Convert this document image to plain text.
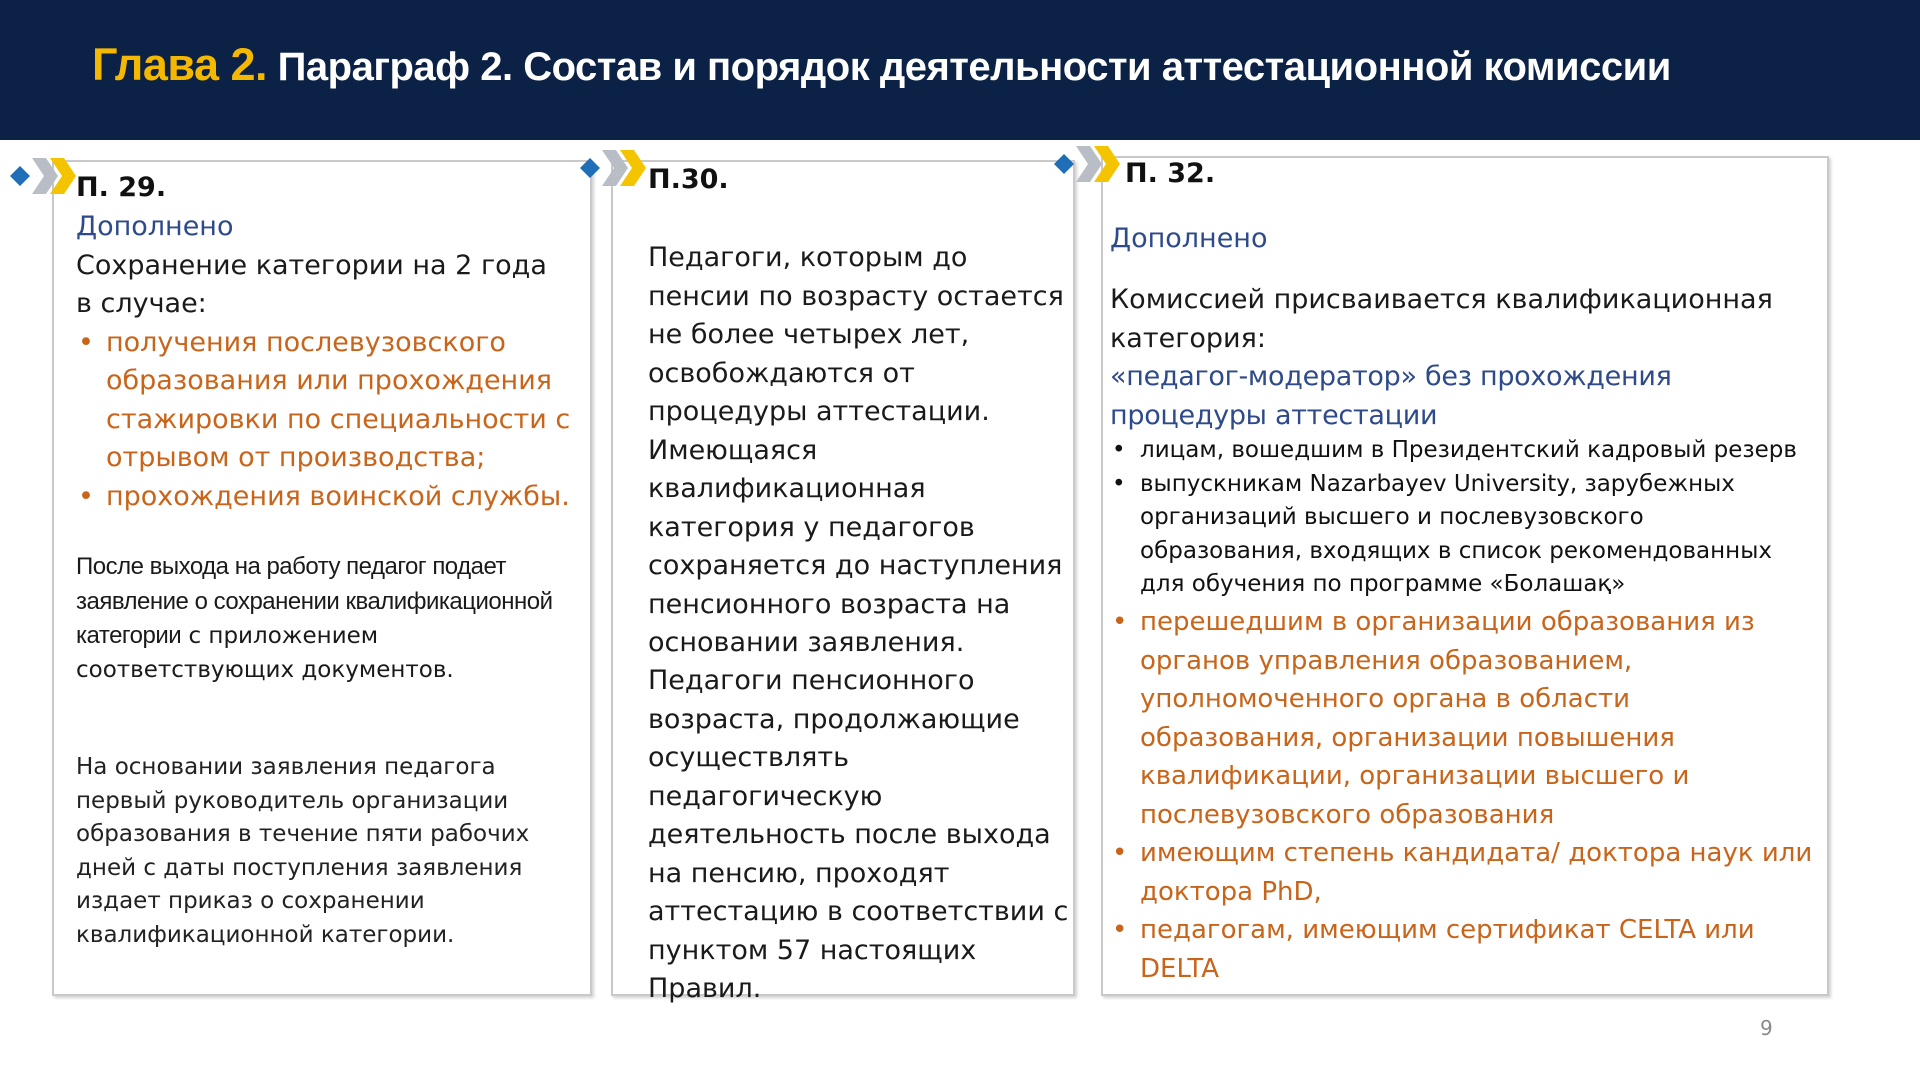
Глава 2. Параграф 2. Состав и порядок деятельности аттестационной комиссии
П. 29.
Дополнено
Сохранение категории на 2 года
в случае:
• получения послевузовского образования или прохождения стажировки по специальности с отрывом от производства;
• прохождения воинской службы.
После выхода на работу педагог подает заявление о сохранении квалификационной категории с приложением соответствующих документов.
На основании заявления педагога первый руководитель организации образования в течение пяти рабочих дней с даты поступления заявления издает приказ о сохранении квалификационной категории.
П.30.
Педагоги, которым до пенсии по возрасту остается не более четырех лет, освобождаются от процедуры аттестации. Имеющаяся квалификационная категория у педагогов сохраняется до наступления пенсионного возраста на основании заявления.
Педагоги пенсионного возраста, продолжающие осуществлять педагогическую деятельность после выхода на пенсию, проходят аттестацию в соответствии с пунктом 57 настоящих Правил.
П. 32.
Дополнено
Комиссией присваивается квалификационная категория:
«педагог-модератор» без прохождения процедуры аттестации
• лицам, вошедшим в Президентский кадровый резерв
• выпускникам Nazarbayev University, зарубежных организаций высшего и послевузовского образования, входящих в список рекомендованных для обучения по программе «Болашақ»
• перешедшим в организации образования из органов управления образованием, уполномоченного органа в области образования, организации повышения квалификации, организации высшего и послевузовского образования
• имеющим степень кандидата/ доктора наук или доктора PhD,
• педагогам, имеющим сертификат CELTA или DELTA
9
